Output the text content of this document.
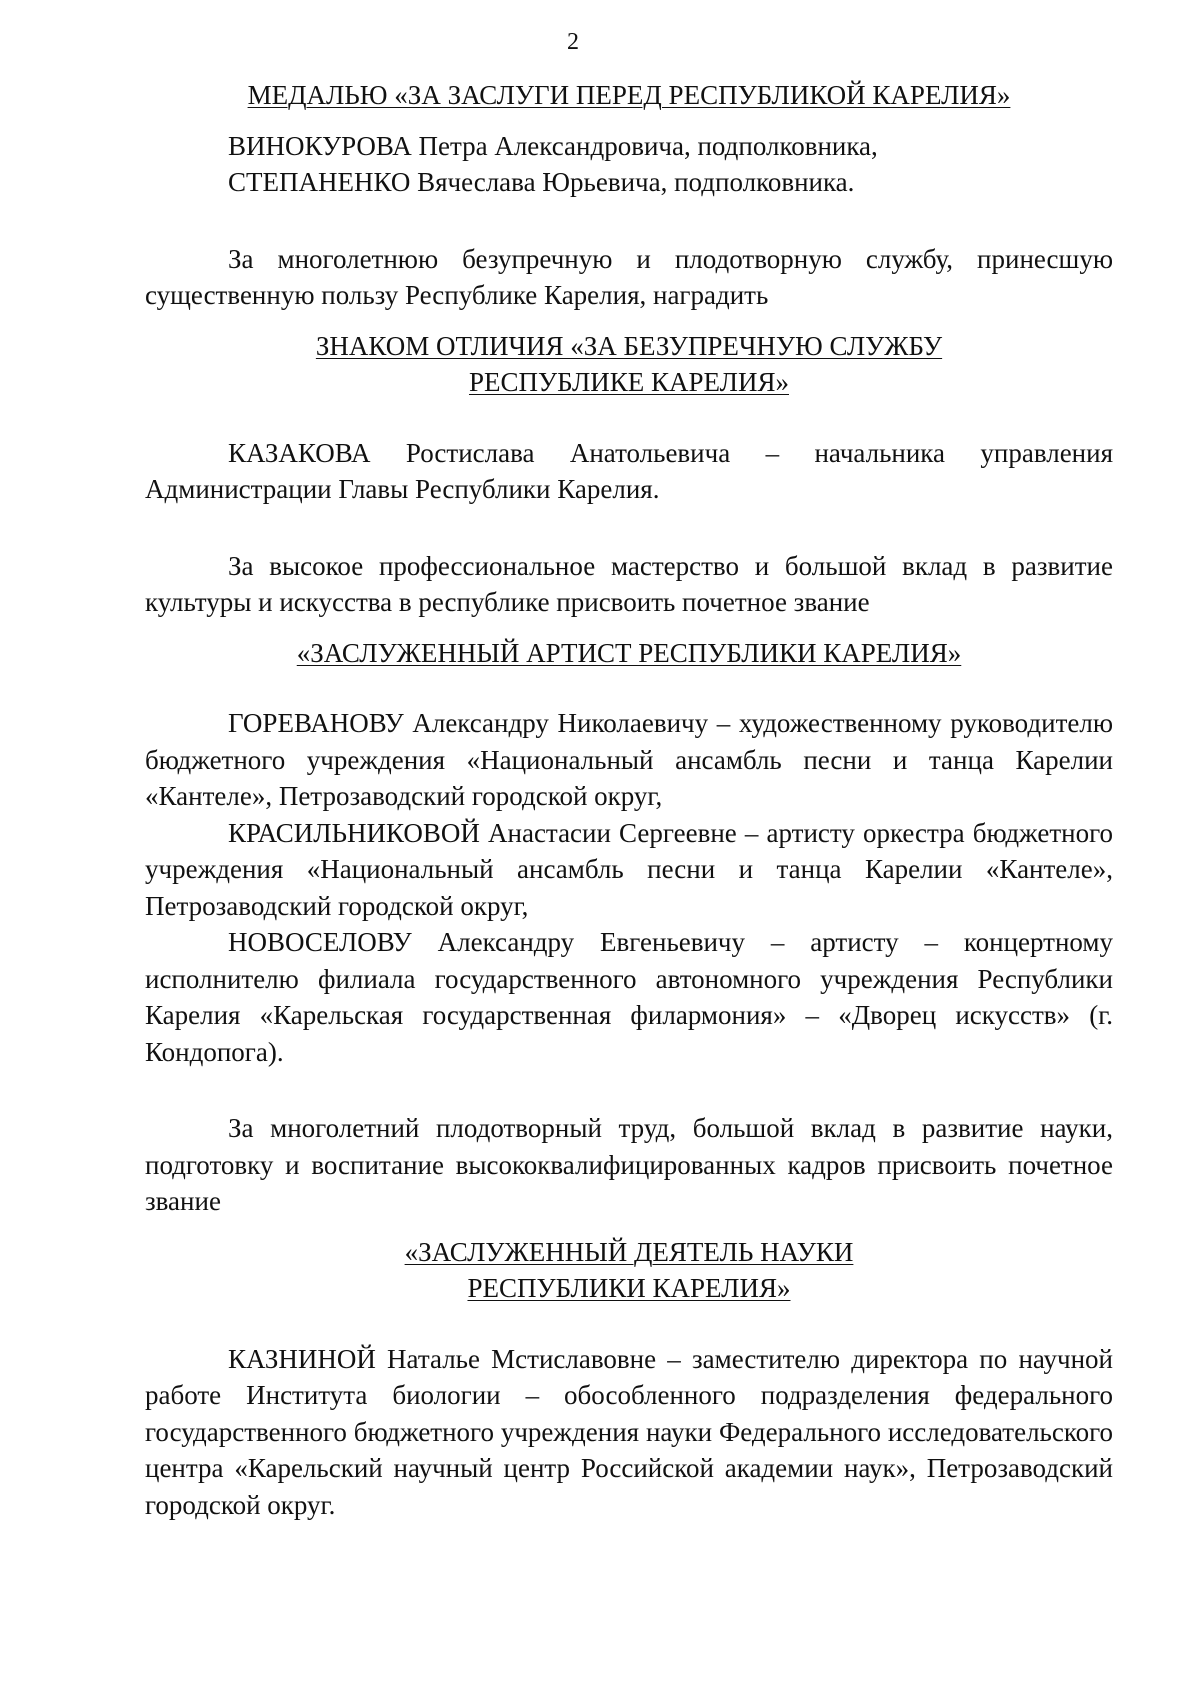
2

МЕДАЛЬЮ «ЗА ЗАСЛУГИ ПЕРЕД РЕСПУБЛИКОЙ КАРЕЛИЯ»

ВИНОКУРОВА Петра Александровича, подполковника,

СТЕПАНЕНКО Вячеслава Юрьевича, подполковника.

За многолетнюю безупречную и плодотворную службу, принесшую существенную пользу Республике Карелия, наградить

ЗНАКОМ ОТЛИЧИЯ «ЗА БЕЗУПРЕЧНУЮ СЛУЖБУ
РЕСПУБЛИКЕ КАРЕЛИЯ»

КАЗАКОВА Ростислава Анатольевича – начальника управления Администрации Главы Республики Карелия.

За высокое профессиональное мастерство и большой вклад в развитие культуры и искусства в республике присвоить почетное звание

«ЗАСЛУЖЕННЫЙ АРТИСТ РЕСПУБЛИКИ КАРЕЛИЯ»

ГОРЕВАНОВУ Александру Николаевичу – художественному руководителю бюджетного учреждения «Национальный ансамбль песни и танца Карелии «Кантеле», Петрозаводский городской округ,

КРАСИЛЬНИКОВОЙ Анастасии Сергеевне – артисту оркестра бюджетного учреждения «Национальный ансамбль песни и танца Карелии «Кантеле», Петрозаводский городской округ,

НОВОСЕЛОВУ Александру Евгеньевичу – артисту – концертному исполнителю филиала государственного автономного учреждения Республики Карелия «Карельская государственная филармония» – «Дворец искусств» (г. Кондопога).

За многолетний плодотворный труд, большой вклад в развитие науки, подготовку и воспитание высококвалифицированных кадров присвоить почетное звание

«ЗАСЛУЖЕННЫЙ ДЕЯТЕЛЬ НАУКИ
РЕСПУБЛИКИ КАРЕЛИЯ»

КАЗНИНОЙ Наталье Мстиславовне – заместителю директора по научной работе Института биологии – обособленного подразделения федерального государственного бюджетного учреждения науки Федерального исследовательского центра «Карельский научный центр Российской академии наук», Петрозаводский городской округ.
